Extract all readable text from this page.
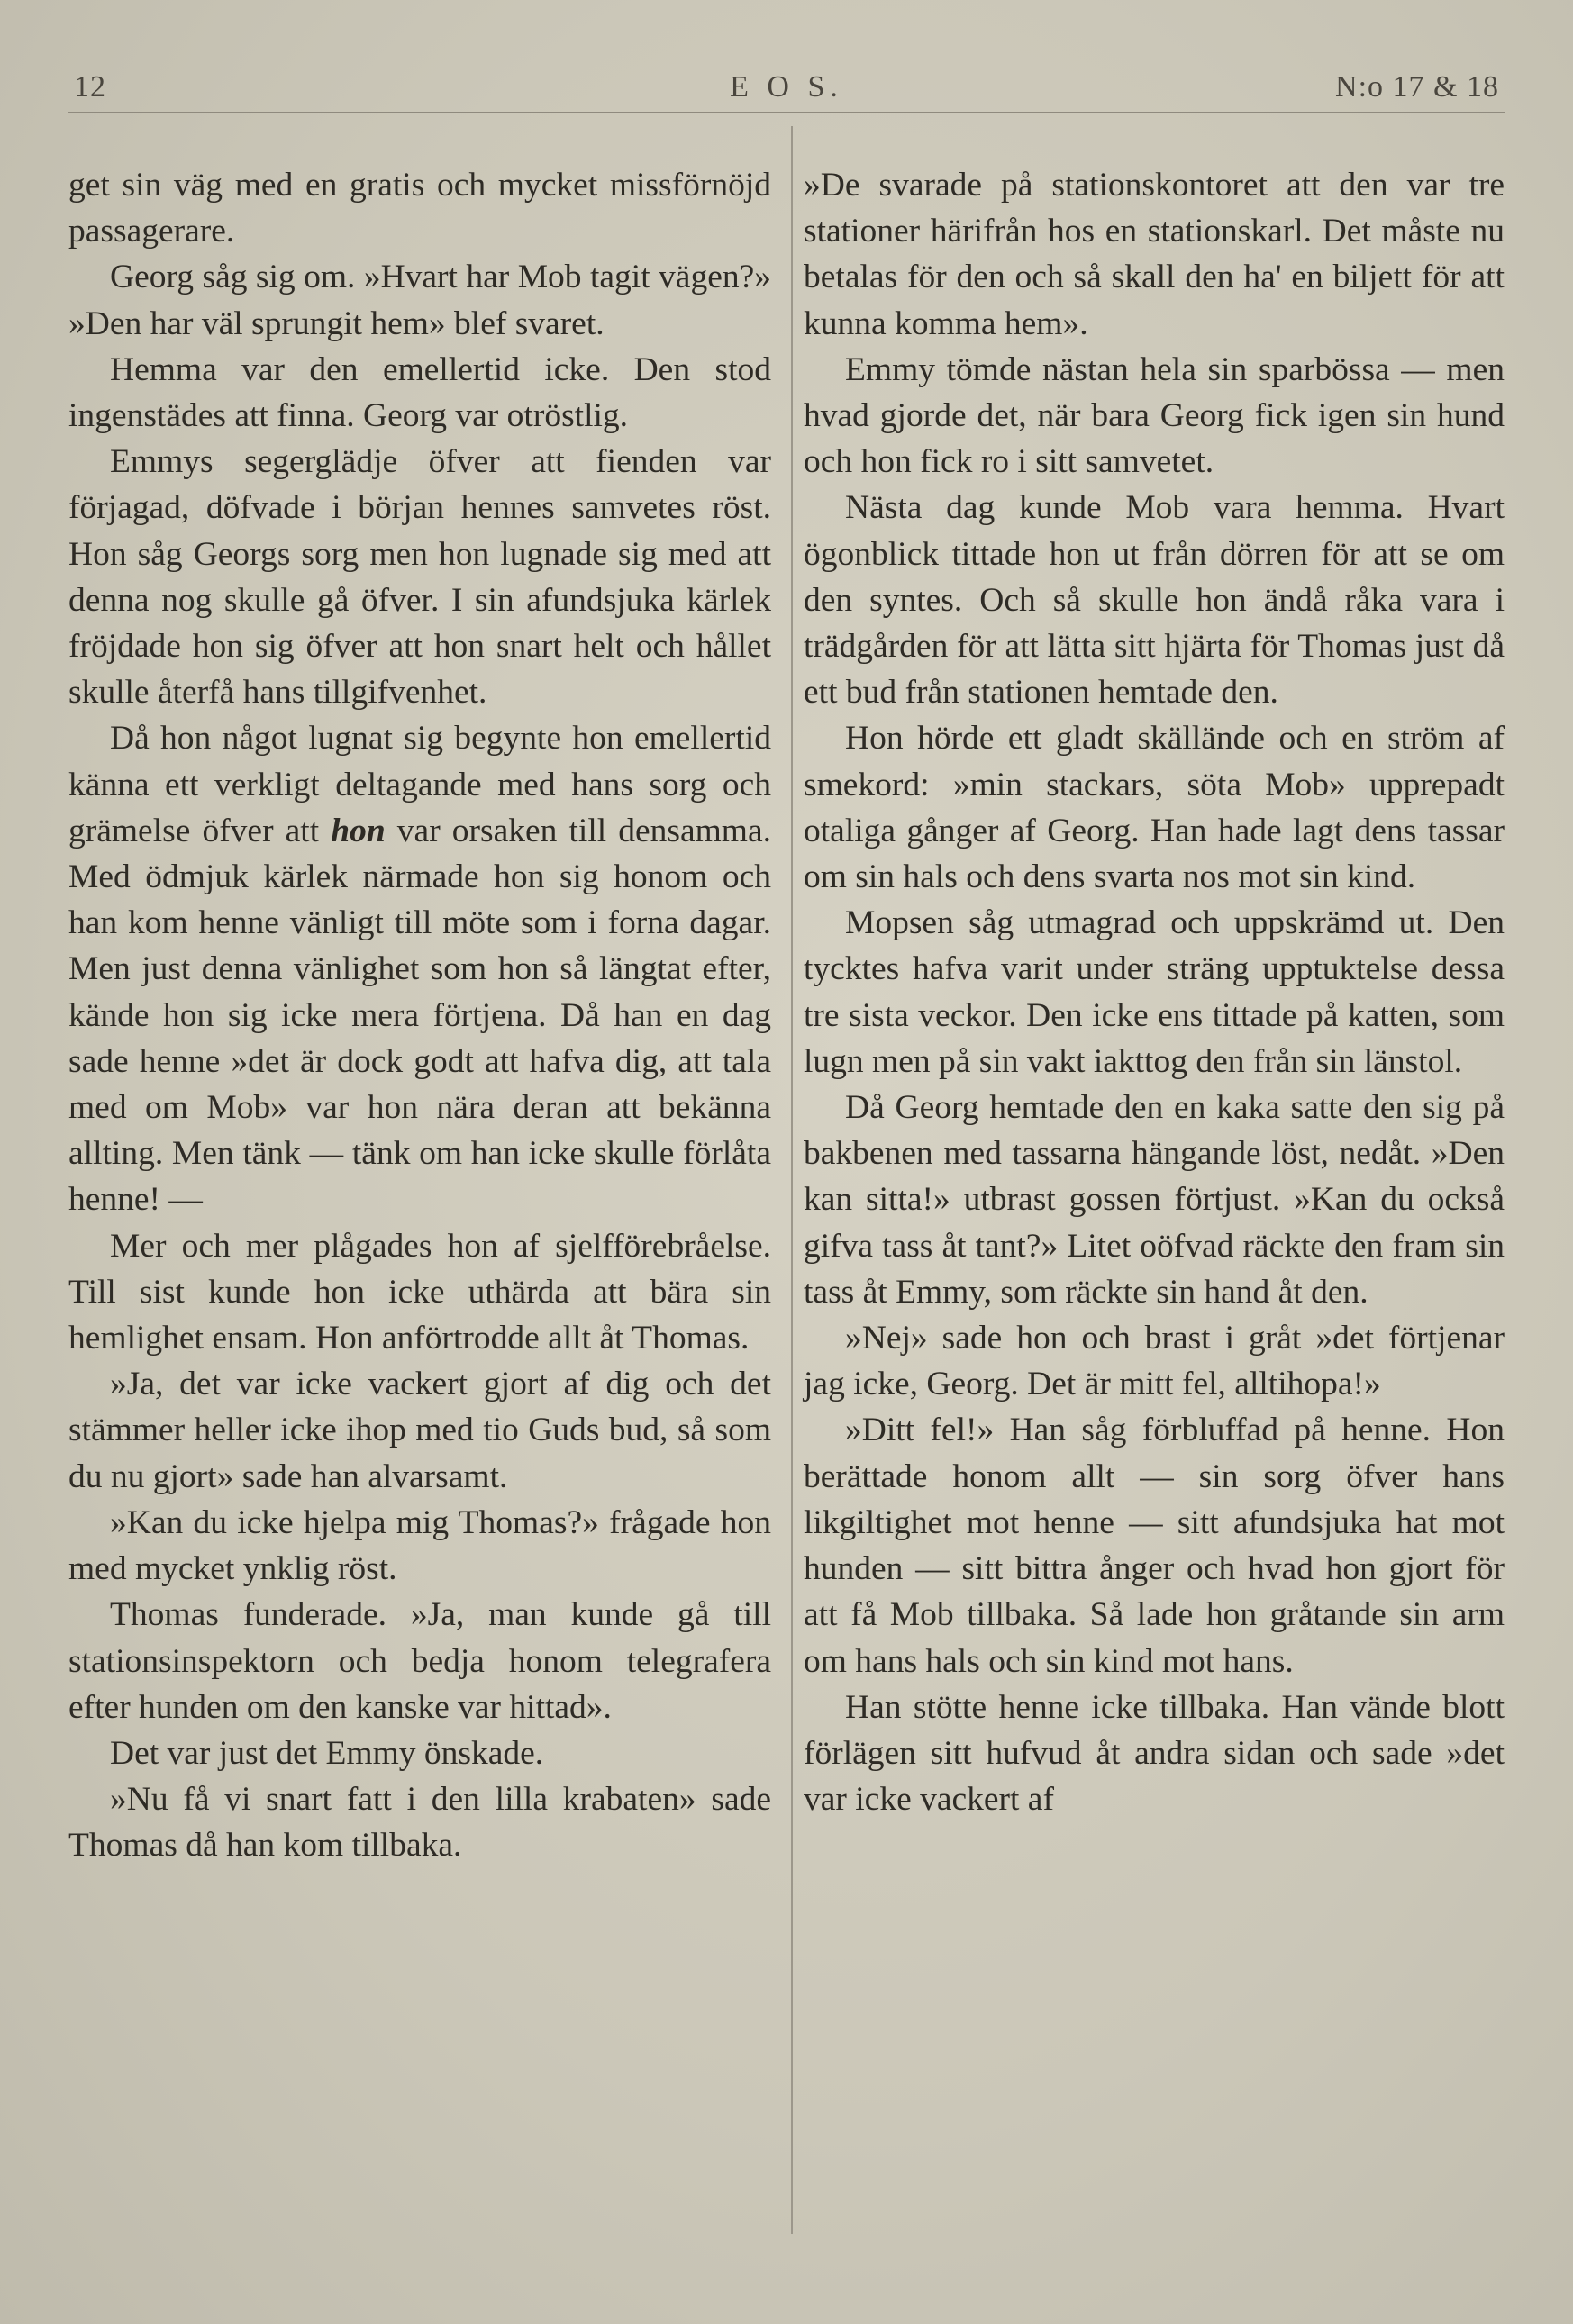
12	E O S.	N:o 17 & 18

get sin väg med en gratis och mycket missförnöjd passagerare.

Georg såg sig om. »Hvart har Mob tagit vägen?» »Den har väl sprungit hem» blef svaret.

Hemma var den emellertid icke. Den stod ingenstädes att finna. Georg var otröstlig.

Emmys segerglädje öfver att fienden var förjagad, döfvade i början hennes samvetes röst. Hon såg Georgs sorg men hon lugnade sig med att denna nog skulle gå öfver. I sin afundsjuka kärlek fröjdade hon sig öfver att hon snart helt och hållet skulle återfå hans tillgifvenhet.

Då hon något lugnat sig begynte hon emellertid känna ett verkligt deltagande med hans sorg och grämelse öfver att hon var orsaken till densamma. Med ödmjuk kärlek närmade hon sig honom och han kom henne vänligt till möte som i forna dagar. Men just denna vänlighet som hon så längtat efter, kände hon sig icke mera förtjena. Då han en dag sade henne »det är dock godt att hafva dig, att tala med om Mob» var hon nära deran att bekänna allting. Men tänk — tänk om han icke skulle förlåta henne! —

Mer och mer plågades hon af sjelfförebråelse. Till sist kunde hon icke uthärda att bära sin hemlighet ensam. Hon anförtrodde allt åt Thomas.

»Ja, det var icke vackert gjort af dig och det stämmer heller icke ihop med tio Guds bud, så som du nu gjort» sade han alvarsamt.

»Kan du icke hjelpa mig Thomas?» frågade hon med mycket ynklig röst.

Thomas funderade. »Ja, man kunde gå till stationsinspektorn och bedja honom telegrafera efter hunden om den kanske var hittad».

Det var just det Emmy önskade.

»Nu få vi snart fatt i den lilla krabaten» sade Thomas då han kom tillbaka.

»De svarade på stationskontoret att den var tre stationer härifrån hos en stationskarl. Det måste nu betalas för den och så skall den ha' en biljett för att kunna komma hem».

Emmy tömde nästan hela sin sparbössa — men hvad gjorde det, när bara Georg fick igen sin hund och hon fick ro i sitt samvetet.

Nästa dag kunde Mob vara hemma. Hvart ögonblick tittade hon ut från dörren för att se om den syntes. Och så skulle hon ändå råka vara i trädgården för att lätta sitt hjärta för Thomas just då ett bud från stationen hemtade den.

Hon hörde ett gladt skällände och en ström af smekord: »min stackars, söta Mob» upprepadt otaliga gånger af Georg. Han hade lagt dens tassar om sin hals och dens svarta nos mot sin kind.

Mopsen såg utmagrad och uppskrämd ut. Den tycktes hafva varit under sträng upptuktelse dessa tre sista veckor. Den icke ens tittade på katten, som lugn men på sin vakt iakttog den från sin länstol.

Då Georg hemtade den en kaka satte den sig på bakbenen med tassarna hängande löst, nedåt. »Den kan sitta!» utbrast gossen förtjust. »Kan du också gifva tass åt tant?» Litet oöfvad räckte den fram sin tass åt Emmy, som räckte sin hand åt den.

»Nej» sade hon och brast i gråt »det förtjenar jag icke, Georg. Det är mitt fel, alltihopa!»

»Ditt fel!» Han såg förbluffad på henne. Hon berättade honom allt — sin sorg öfver hans likgiltighet mot henne — sitt afundsjuka hat mot hunden — sitt bittra ånger och hvad hon gjort för att få Mob tillbaka. Så lade hon gråtande sin arm om hans hals och sin kind mot hans.

Han stötte henne icke tillbaka. Han vände blott förlägen sitt hufvud åt andra sidan och sade »det var icke vackert af
